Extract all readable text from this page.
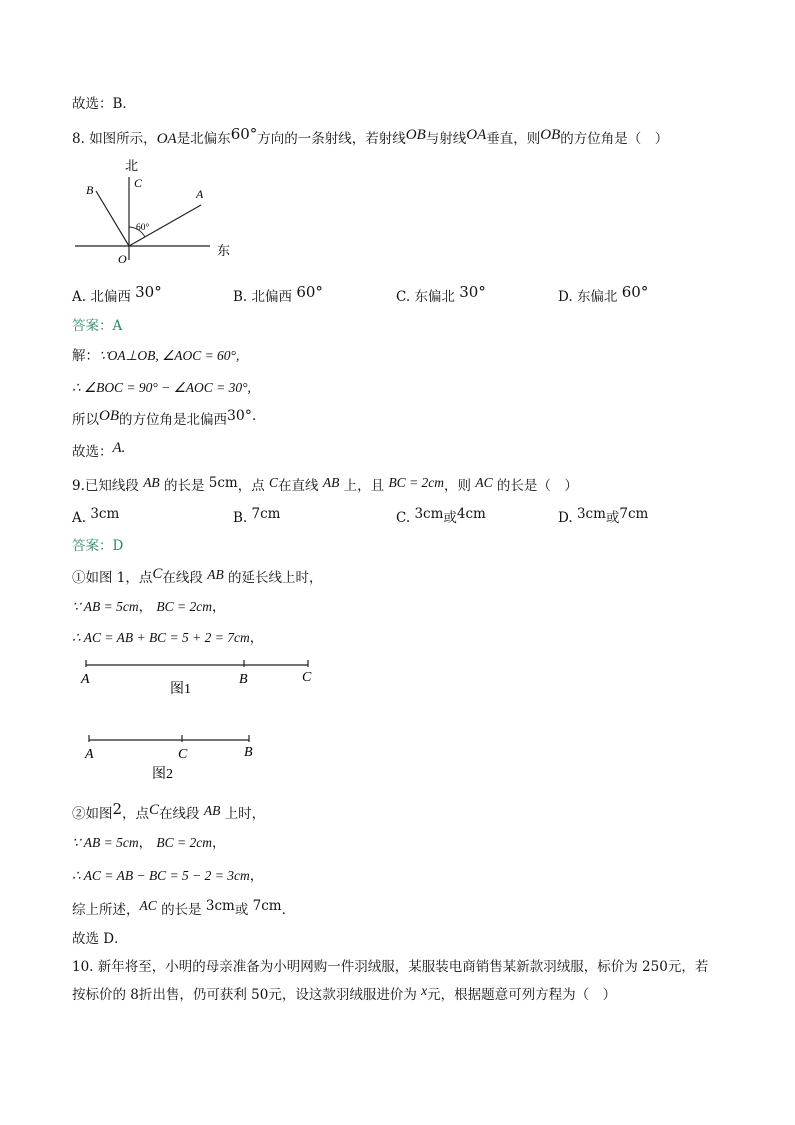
故选：B．
8. 如图所示，OA是北偏东60°方向的一条射线，若射线OB与射线OA垂直，则OB的方位角是（　）
北
C
B	A
60°
O
东
A. 北偏西 30°	B. 北偏西 60°	C. 东偏北 30°	D. 东偏北 60°
答案：A
解：∵OA⊥OB, ∠AOC = 60°,
∴ ∠BOC = 90° − ∠AOC = 30°,
所以OB的方位角是北偏西30°.
故选：A.
9.已知线段 AB 的长是 5cm，点 C在直线 AB 上，且 BC = 2cm，则 AC 的长是（　）
A. 3cm	B. 7cm	C. 3cm或4cm	D. 3cm或7cm
答案：D
①如图 1，点C在线段 AB 的延长线上时，
∵ AB = 5cm， BC = 2cm，
∴ AC = AB + BC = 5 + 2 = 7cm，
A	B	C
图1
A	C	B
图2
②如图2，点C在线段 AB 上时，
∵ AB = 5cm， BC = 2cm，
∴ AC = AB − BC = 5 − 2 = 3cm，
综上所述，AC 的长是 3cm或 7cm．
故选 D．
10. 新年将至，小明的母亲准备为小明网购一件羽绒服，某服装电商销售某新款羽绒服，标价为 250元，若
按标价的 8折出售，仍可获利 50元，设这款羽绒服进价为 x元，根据题意可列方程为（　）
